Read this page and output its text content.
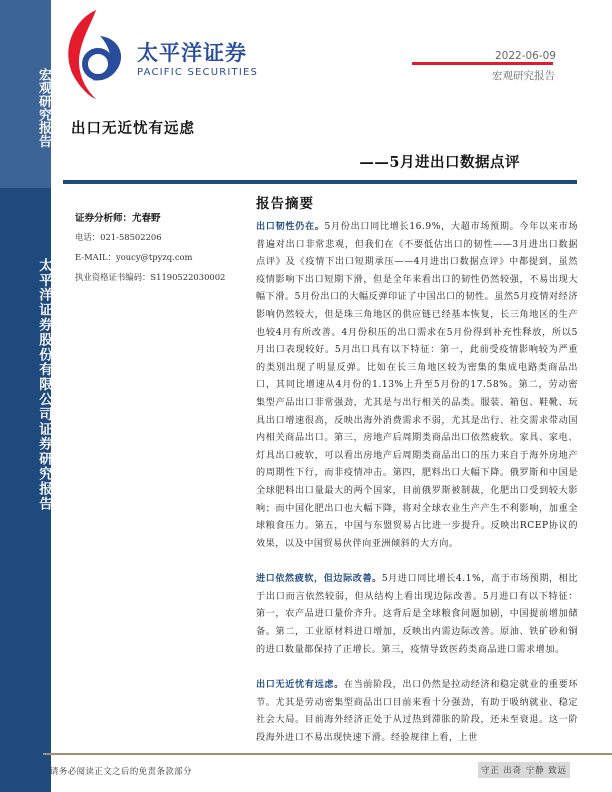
宏观研究报告
太平洋证券股份有限公司证券研究报告
太平洋证券
PACIFIC SECURITIES
2022-06-09
宏观研究报告
出口无近忧有远虑
——5月进出口数据点评
证券分析师：尤春野
电话：021-58502206
E-MAIL：youcy@tpyzq.com
执业资格证书编码：S1190522030002
报告摘要

出口韧性仍在。5月份出口同比增长16.9%，大超市场预期。今年以来市场普遍对出口非常悲观，但我们在《不要低估出口的韧性——3月进出口数据点评》及《疫情下出口短期承压——4月进出口数据点评》中都提到，虽然疫情影响下出口短期下滑，但是全年来看出口的韧性仍然较强，不易出现大幅下滑。5月份出口的大幅反弹印证了中国出口的韧性。虽然5月疫情对经济影响仍然较大，但是珠三角地区的供应链已经基本恢复，长三角地区的生产也较4月有所改善。4月份积压的出口需求在5月份得到补充性释放，所以5月出口表现较好。5月出口具有以下特征：第一，此前受疫情影响较为严重的类别出现了明显反弹。比如在长三角地区较为密集的集成电路类商品出口，其同比增速从4月份的1.13%上升至5月份的17.58%。第二，劳动密集型产品出口非常强劲，尤其是与出行相关的品类。服装、箱包、鞋靴、玩具出口增速很高，反映出海外消费需求不弱，尤其是出行、社交需求带动国内相关商品出口。第三，房地产后周期类商品出口依然疲软。家具、家电、灯具出口疲软，可以看出房地产后周期类商品出口的压力来自于海外房地产的周期性下行，而非疫情冲击。第四，肥料出口大幅下降。俄罗斯和中国是全球肥料出口量最大的两个国家，目前俄罗斯被制裁，化肥出口受到较大影响；而中国化肥出口也大幅下降，将对全球农业生产产生不利影响，加重全球粮食压力。第五，中国与东盟贸易占比进一步提升。反映出RCEP协议的效果，以及中国贸易伙伴向亚洲倾斜的大方向。

进口依然疲软，但边际改善。5月进口同比增长4.1%，高于市场预期，相比于出口而言依然较弱，但从结构上看出现边际改善。5月进口有以下特征：第一，农产品进口量价齐升。这背后是全球粮食问题加剧，中国提前增加储备。第二，工业原材料进口增加，反映出内需边际改善。原油、铁矿砂和铜的进口数量都保持了正增长。第三，疫情导致医药类商品进口需求增加。

出口无近忧有远虑。在当前阶段，出口仍然是拉动经济和稳定就业的重要环节。尤其是劳动密集型商品出口目前来看十分强劲，有助于吸纳就业、稳定社会大局。目前海外经济正处于从过热到滞胀的阶段，还未至衰退。这一阶段海外进口不易出现快速下滑。经验规律上看，上世

请务必阅读正文之后的免责条款部分	守正 出奇 宁静 致远
